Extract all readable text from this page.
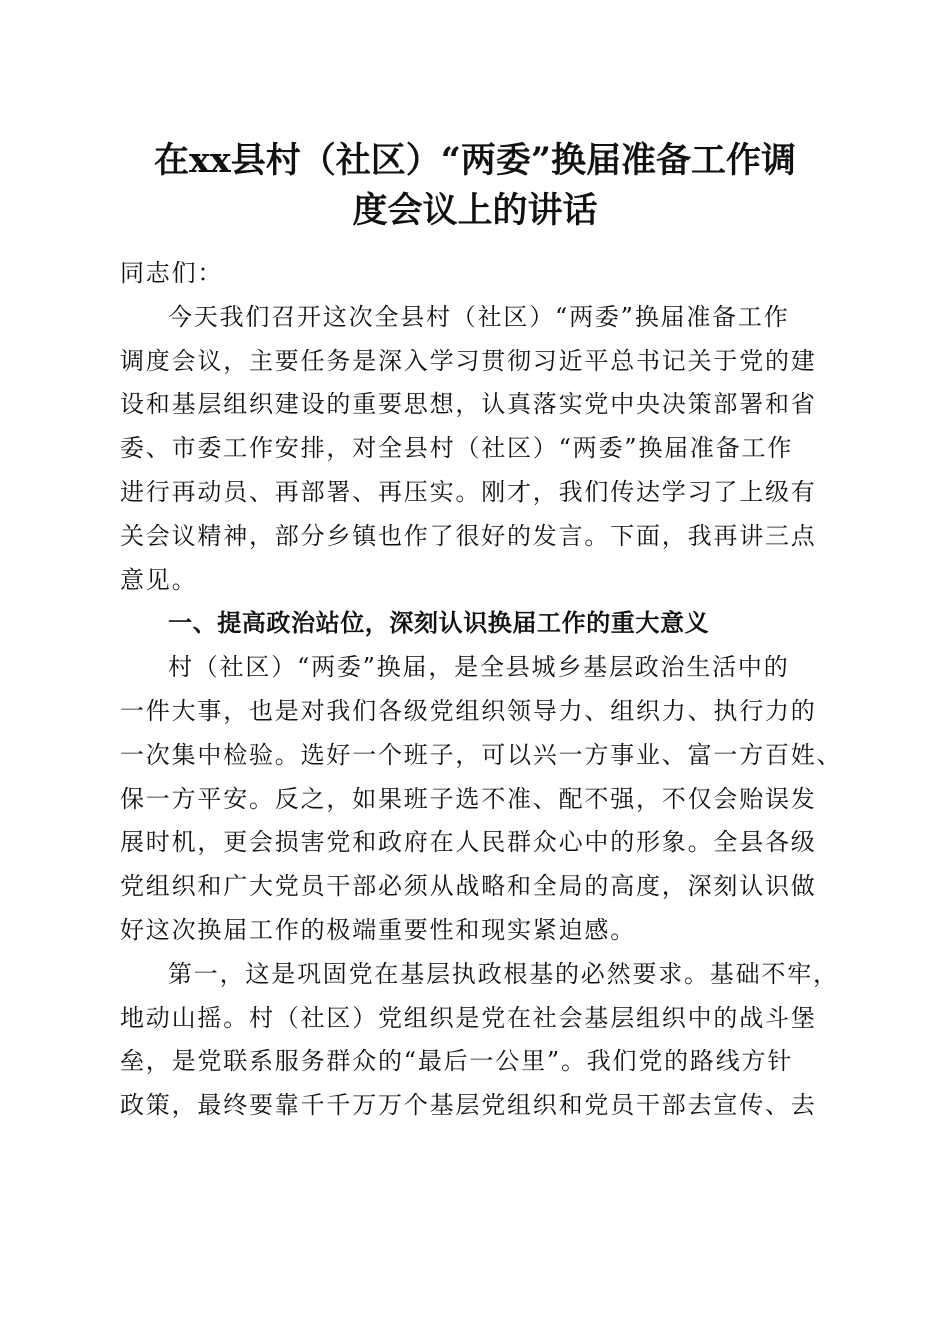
在xx县村（社区）“两委”换届准备工作调
度会议上的讲话

同志们：

今天我们召开这次全县村（社区）“两委”换届准备工作
调度会议，主要任务是深入学习贯彻习近平总书记关于党的建
设和基层组织建设的重要思想，认真落实党中央决策部署和省
委、市委工作安排，对全县村（社区）“两委”换届准备工作
进行再动员、再部署、再压实。刚才，我们传达学习了上级有
关会议精神，部分乡镇也作了很好的发言。下面，我再讲三点
意见。

一、提高政治站位，深刻认识换届工作的重大意义

村（社区）“两委”换届，是全县城乡基层政治生活中的
一件大事，也是对我们各级党组织领导力、组织力、执行力的
一次集中检验。选好一个班子，可以兴一方事业、富一方百姓、
保一方平安。反之，如果班子选不准、配不强，不仅会贻误发
展时机，更会损害党和政府在人民群众心中的形象。全县各级
党组织和广大党员干部必须从战略和全局的高度，深刻认识做
好这次换届工作的极端重要性和现实紧迫感。

第一，这是巩固党在基层执政根基的必然要求。基础不牢，
地动山摇。村（社区）党组织是党在社会基层组织中的战斗堡
垒，是党联系服务群众的“最后一公里”。我们党的路线方针
政策，最终要靠千千万万个基层党组织和党员干部去宣传、去
